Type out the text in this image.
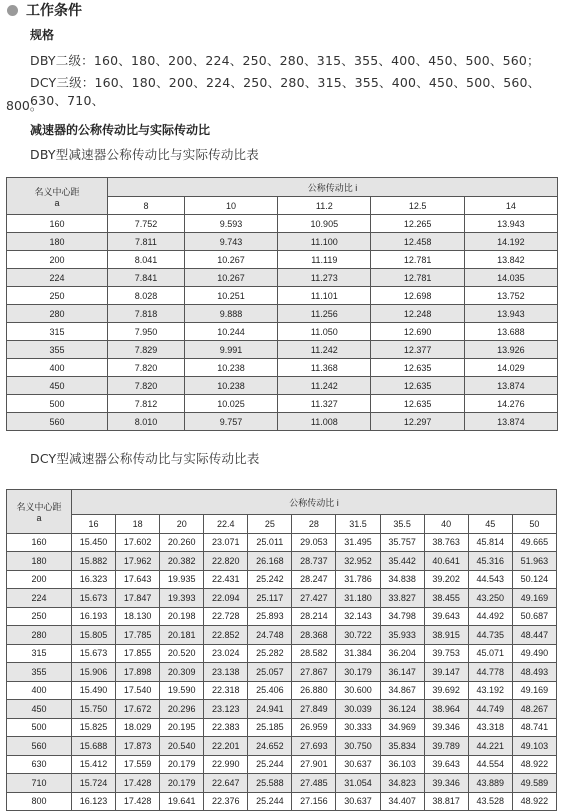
工作条件
规格
DBY二级：160、180、200、224、250、280、315、355、400、450、500、560；
DCY三级：160、180、200、224、250、280、315、355、400、450、500、560、630、710、
800。
减速器的公称传动比与实际传动比
DBY型减速器公称传动比与实际传动比表
名义中心距
a	公称传动比 i				
	8	10	11.2	12.5	14
160	7.752	9.593	10.905	12.265	13.943
180	7.811	9.743	11.100	12.458	14.192
200	8.041	10.267	11.119	12.781	13.842
224	7.841	10.267	11.273	12.781	14.035
250	8.028	10.251	11.101	12.698	13.752
280	7.818	9.888	11.256	12.248	13.943
315	7.950	10.244	11.050	12.690	13.688
355	7.829	9.991	11.242	12.377	13.926
400	7.820	10.238	11.368	12.635	14.029
450	7.820	10.238	11.242	12.635	13.874
500	7.812	10.025	11.327	12.635	14.276
560	8.010	9.757	11.008	12.297	13.874
DCY型减速器公称传动比与实际传动比表
名义中心距
a	公称传动比 i										
	16	18	20	22.4	25	28	31.5	35.5	40	45	50
160	15.450	17.602	20.260	23.071	25.011	29.053	31.495	35.757	38.763	45.814	49.665
180	15.882	17.962	20.382	22.820	26.168	28.737	32.952	35.442	40.641	45.316	51.963
200	16.323	17.643	19.935	22.431	25.242	28.247	31.786	34.838	39.202	44.543	50.124
224	15.673	17.847	19.393	22.094	25.117	27.427	31.180	33.827	38.455	43.250	49.169
250	16.193	18.130	20.198	22.728	25.893	28.214	32.143	34.798	39.643	44.492	50.687
280	15.805	17.785	20.181	22.852	24.748	28.368	30.722	35.933	38.915	44.735	48.447
315	15.673	17.855	20.520	23.024	25.282	28.582	31.384	36.204	39.753	45.071	49.490
355	15.906	17.898	20.309	23.138	25.057	27.867	30.179	36.147	39.147	44.778	48.493
400	15.490	17.540	19.590	22.318	25.406	26.880	30.600	34.867	39.692	43.192	49.169
450	15.750	17.672	20.296	23.123	24.941	27.849	30.039	36.124	38.964	44.749	48.267
500	15.825	18.029	20.195	22.383	25.185	26.959	30.333	34.969	39.346	43.318	48.741
560	15.688	17.873	20.540	22.201	24.652	27.693	30.750	35.834	39.789	44.221	49.103
630	15.412	17.559	20.179	22.990	25.244	27.901	30.637	36.103	39.643	44.554	48.922
710	15.724	17.428	20.179	22.647	25.588	27.485	31.054	34.823	39.346	43.889	49.589
800	16.123	17.428	19.641	22.376	25.244	27.156	30.637	34.407	38.817	43.528	48.922
